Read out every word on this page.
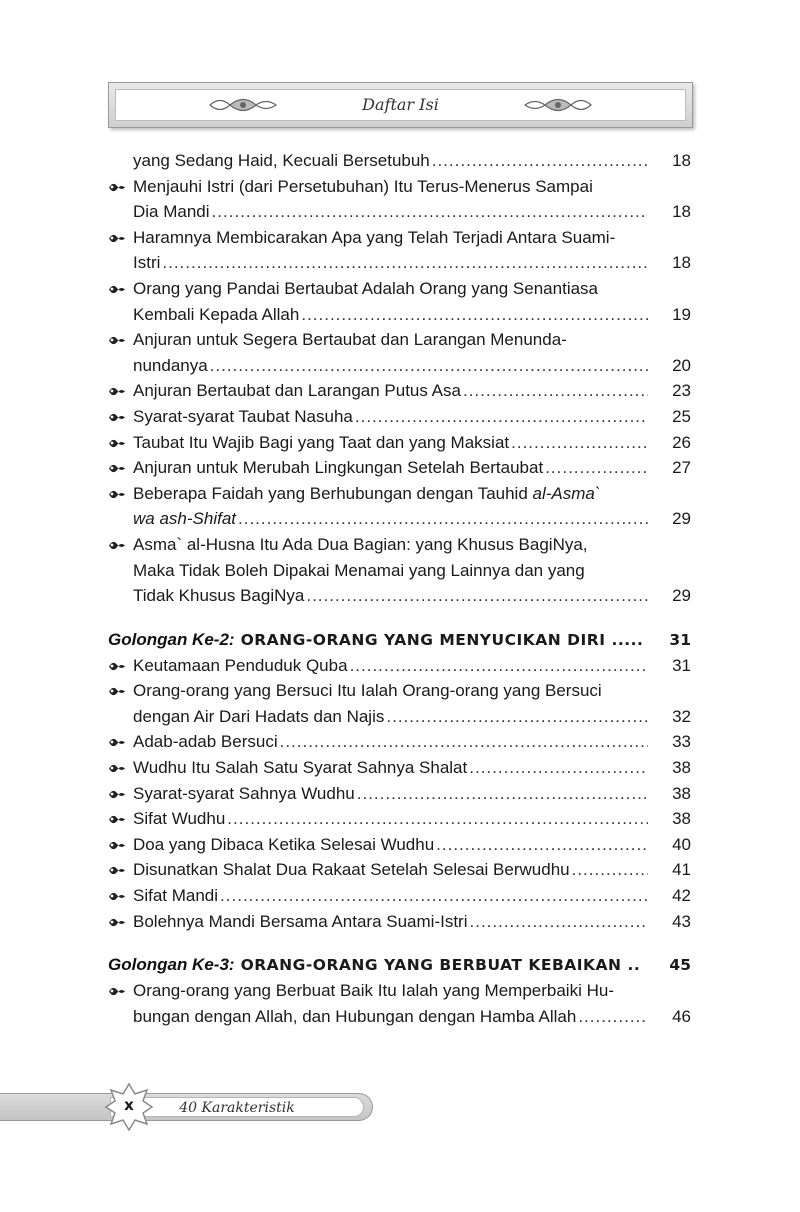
Daftar Isi
yang Sedang Haid, Kecuali Bersetubuh .....	18
Menjauhi Istri (dari Persetubuhan) Itu Terus-Menerus Sampai
Dia Mandi .....	18
Haramnya Membicarakan Apa yang Telah Terjadi Antara Suami-
Istri .....	18
Orang yang Pandai Bertaubat Adalah Orang yang Senantiasa
Kembali Kepada Allah .....	19
Anjuran untuk Segera Bertaubat dan Larangan Menunda-
nundanya .....	20
Anjuran Bertaubat dan Larangan Putus Asa .....	23
Syarat-syarat Taubat Nasuha .....	25
Taubat Itu Wajib Bagi yang Taat dan yang Maksiat .....	26
Anjuran untuk Merubah Lingkungan Setelah Bertaubat .....	27
Beberapa Faidah yang Berhubungan dengan Tauhid al-Asma`
wa ash-Shifat .....	29
Asma` al-Husna Itu Ada Dua Bagian: yang Khusus BagiNya,
Maka Tidak Boleh Dipakai Menamai yang Lainnya dan yang
Tidak Khusus BagiNya .....	29
Golongan Ke-2: ORANG-ORANG YANG MENYUCIKAN DIRI .....	31
Keutamaan Penduduk Quba .....	31
Orang-orang yang Bersuci Itu Ialah Orang-orang yang Bersuci
dengan Air Dari Hadats dan Najis .....	32
Adab-adab Bersuci .....	33
Wudhu Itu Salah Satu Syarat Sahnya Shalat .....	38
Syarat-syarat Sahnya Wudhu .....	38
Sifat Wudhu .....	38
Doa yang Dibaca Ketika Selesai Wudhu .....	40
Disunatkan Shalat Dua Rakaat Setelah Selesai Berwudhu .....	41
Sifat Mandi .....	42
Bolehnya Mandi Bersama Antara Suami-Istri .....	43
Golongan Ke-3: ORANG-ORANG YANG BERBUAT KEBAIKAN ..	45
Orang-orang yang Berbuat Baik Itu Ialah yang Memperbaiki Hu-
bungan dengan Allah, dan Hubungan dengan Hamba Allah .....	46
40 Karakteristik
x
